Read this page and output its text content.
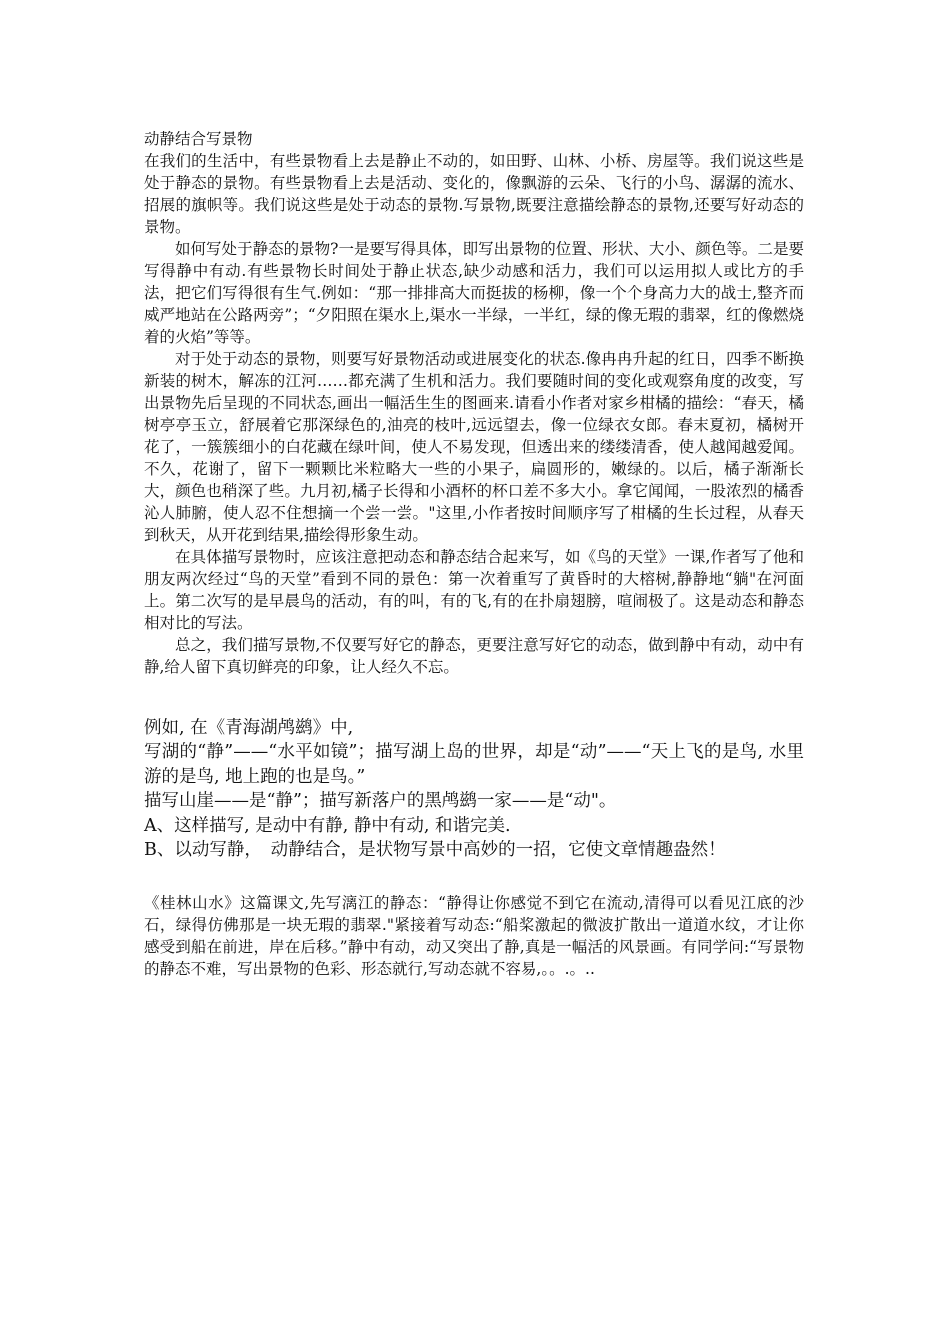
动静结合写景物

在我们的生活中，有些景物看上去是静止不动的，如田野、山林、小桥、房屋等。我们说这些是处于静态的景物。有些景物看上去是活动、变化的，像飘游的云朵、飞行的小鸟、潺潺的流水、招展的旗帜等。我们说这些是处于动态的景物.写景物,既要注意描绘静态的景物,还要写好动态的景物。

如何写处于静态的景物?一是要写得具体，即写出景物的位置、形状、大小、颜色等。二是要写得静中有动.有些景物长时间处于静止状态,缺少动感和活力，我们可以运用拟人或比方的手法，把它们写得很有生气.例如：“那一排排高大而挺拔的杨柳，像一个个身高力大的战士,整齐而威严地站在公路两旁”；“夕阳照在渠水上,渠水一半绿，一半红，绿的像无瑕的翡翠，红的像燃烧着的火焰”等等。

对于处于动态的景物，则要写好景物活动或进展变化的状态.像冉冉升起的红日，四季不断换新装的树木，解冻的江河……都充满了生机和活力。我们要随时间的变化或观察角度的改变，写出景物先后呈现的不同状态,画出一幅活生生的图画来.请看小作者对家乡柑橘的描绘：“春天，橘树亭亭玉立，舒展着它那深绿色的,油亮的枝叶,远远望去，像一位绿衣女郎。春末夏初，橘树开花了，一簇簇细小的白花藏在绿叶间，使人不易发现，但透出来的缕缕清香，使人越闻越爱闻。不久，花谢了，留下一颗颗比米粒略大一些的小果子，扁圆形的，嫩绿的。以后，橘子渐渐长大，颜色也稍深了些。九月初,橘子长得和小酒杯的杯口差不多大小。拿它闻闻，一股浓烈的橘香沁人肺腑，使人忍不住想摘一个尝一尝。"这里,小作者按时间顺序写了柑橘的生长过程，从春天到秋天，从开花到结果,描绘得形象生动。

在具体描写景物时，应该注意把动态和静态结合起来写，如《鸟的天堂》一课,作者写了他和朋友两次经过“鸟的天堂”看到不同的景色：第一次着重写了黄昏时的大榕树,静静地“躺"在河面上。第二次写的是早晨鸟的活动，有的叫，有的飞,有的在扑扇翅膀，喧闹极了。这是动态和静态相对比的写法。

总之，我们描写景物,不仅要写好它的静态，更要注意写好它的动态，做到静中有动，动中有静,给人留下真切鲜亮的印象，让人经久不忘。

例如, 在《青海湖鸬鹚》中,

写湖的“静”——“水平如镜”；描写湖上岛的世界，却是“动”——“天上飞的是鸟, 水里游的是鸟, 地上跑的也是鸟。”

描写山崖——是“静”；描写新落户的黑鸬鹚一家——是“动"。

A、这样描写, 是动中有静, 静中有动, 和谐完美.

B、以动写静，　动静结合，是状物写景中高妙的一招，它使文章情趣盎然！

《桂林山水》这篇课文,先写漓江的静态：“静得让你感觉不到它在流动,清得可以看见江底的沙石，绿得仿佛那是一块无瑕的翡翠."紧接着写动态:“船桨激起的微波扩散出一道道水纹，才让你感受到船在前进，岸在后移。”静中有动，动又突出了静,真是一幅活的风景画。有同学问:“写景物的静态不难，写出景物的色彩、形态就行,写动态就不容易,。。.。..
